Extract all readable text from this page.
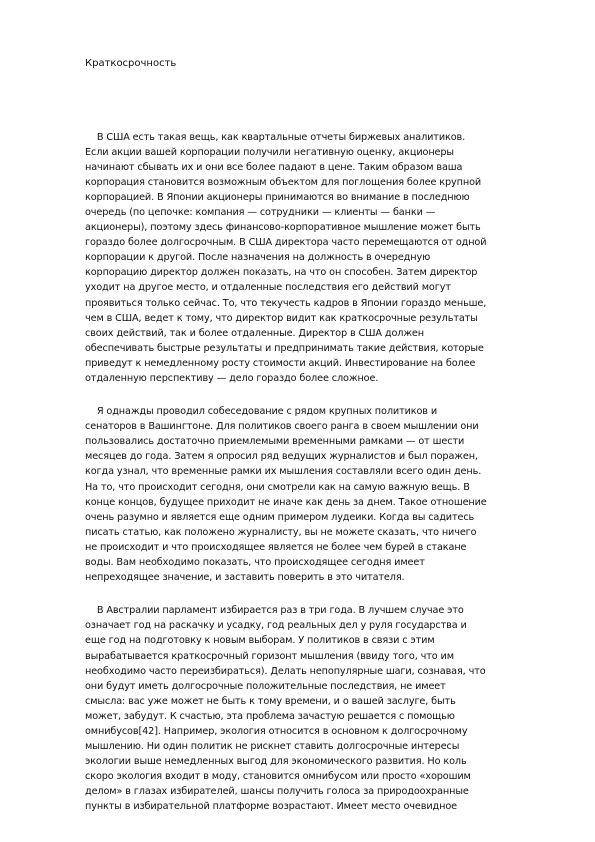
Краткосрочность
В США есть такая вещь, как квартальные отчеты биржевых аналитиков.
Если акции вашей корпорации получили негативную оценку, акционеры
начинают сбывать их и они все более падают в цене. Таким образом ваша
корпорация становится возможным объектом для поглощения более крупной
корпорацией. В Японии акционеры принимаются во внимание в последнюю
очередь (по цепочке: компания — сотрудники — клиенты — банки —
акционеры), поэтому здесь финансово-корпоративное мышление может быть
гораздо более долгосрочным. В США директора часто перемещаются от одной
корпорации к другой. После назначения на должность в очередную
корпорацию директор должен показать, на что он способен. Затем директор
уходит на другое место, и отдаленные последствия его действий могут
проявиться только сейчас. То, что текучесть кадров в Японии гораздо меньше,
чем в США, ведет к тому, что директор видит как краткосрочные результаты
своих действий, так и более отдаленные. Директор в США должен
обеспечивать быстрые результаты и предпринимать такие действия, которые
приведут к немедленному росту стоимости акций. Инвестирование на более
отдаленную перспективу — дело гораздо более сложное.
Я однажды проводил собеседование с рядом крупных политиков и
сенаторов в Вашингтоне. Для политиков своего ранга в своем мышлении они
пользовались достаточно приемлемыми временными рамками — от шести
месяцев до года. Затем я опросил ряд ведущих журналистов и был поражен,
когда узнал, что временные рамки их мышления составляли всего один день.
На то, что происходит сегодня, они смотрели как на самую важную вещь. В
конце концов, будущее приходит не иначе как день за днем. Такое отношение
очень разумно и является еще одним примером лудеики. Когда вы садитесь
писать статью, как положено журналисту, вы не можете сказать, что ничего
не происходит и что происходящее является не более чем бурей в стакане
воды. Вам необходимо показать, что происходящее сегодня имеет
непреходящее значение, и заставить поверить в это читателя.
В Австралии парламент избирается раз в три года. В лучшем случае это
означает год на раскачку и усадку, год реальных дел у руля государства и
еще год на подготовку к новым выборам. У политиков в связи с этим
вырабатывается краткосрочный горизонт мышления (ввиду того, что им
необходимо часто переизбираться). Делать непопулярные шаги, сознавая, что
они будут иметь долгосрочные положительные последствия, не имеет
смысла: вас уже может не быть к тому времени, и о вашей заслуге, быть
может, забудут. К счастью, эта проблема зачастую решается с помощью
омнибусов[42]. Например, экология относится в основном к долгосрочному
мышлению. Ни один политик не рискнет ставить долгосрочные интересы
экологии выше немедленных выгод для экономического развития. Но коль
скоро экология входит в моду, становится омнибусом или просто «хорошим
делом» в глазах избирателей, шансы получить голоса за природоохранные
пункты в избирательной платформе возрастают. Имеет место очевидное
